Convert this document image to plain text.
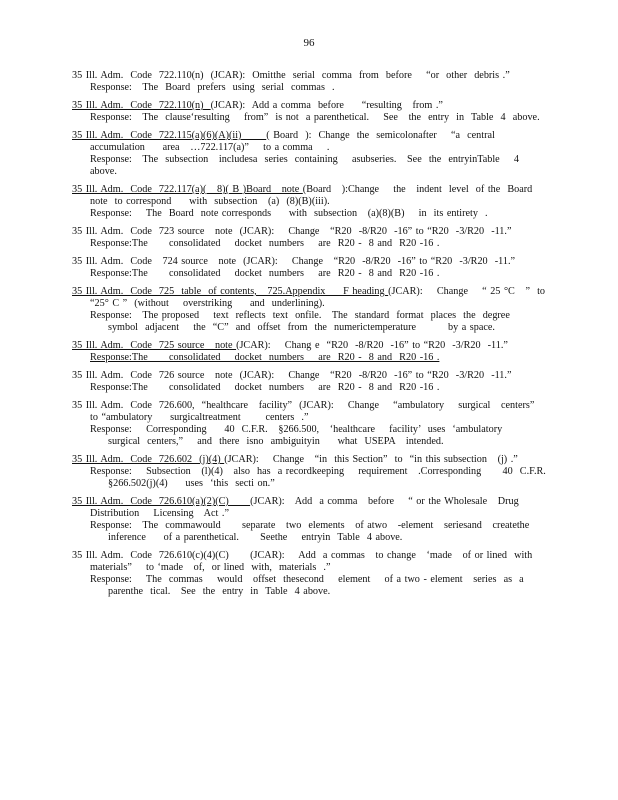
96
35 Ill. Adm.  Code  722.110(n)  (JCAR):  Omitthe  serial  comma  from  before    “or  other  debris .”
Response:   The  Board  prefers  using  serial  commas  .
35 Ill. Adm.  Code  722.110(n)  (JCAR):  Add a comma  before     “resulting   from .”
Response:   The  clause‘resulting    from”  is not  a parenthetical.    See   the  entry  in  Table  4  above.
35 Ill. Adm.  Code  722.115(a)(6)(A)(ii)       ( Board  ):  Change  the  semicolonafter    “a  central
accumulation     area   …722.117(a)”    to a comma    .
Response:   The  subsection   includesa  series  containing    asubseries.   See  the  entryinTable    4
above.
35 Ill. Adm.  Code  722.117(a)(   8)( B )Board   note (Board   ):Change    the   indent  level  of the  Board
note  to correspond     with  subsection   (a)  (8)(B)(iii).
Response:    The  Board  note corresponds     with  subsection   (a)(8)(B)    in  its entirety  .
35 Ill. Adm.  Code  723 source   note  (JCAR):    Change   “R20  -8/R20  -16” to “R20  -3/R20  -11.”
Response:The      consolidated    docket  numbers    are  R20 -  8 and  R20 -16 .
35 Ill. Adm.  Code   724 source   note  (JCAR):    Change   “R20  -8/R20  -16” to “R20  -3/R20  -11.”
Response:The      consolidated    docket  numbers    are  R20 -  8 and  R20 -16 .
35 Ill. Adm.  Code  725  table  of contents,   725.Appendix     F heading (JCAR):    Change    “ 25 °C   ”  to
“25° C ”  (without    overstriking     and  underlining).
Response:   The proposed    text  reflects  text  onfile.   The  standard  format  places  the  degree
symbol  adjacent    the  “C”  and  offset  from  the  numerictemperature         by a space.
35 Ill. Adm.  Code  725 source   note (JCAR):    Chang e  “R20  -8/R20  -16” to “R20  -3/R20  -11.”
Response:The      consolidated    docket  numbers    are  R20 -  8 and  R20 -16 .
35 Ill. Adm.  Code  726 source   note  (JCAR):    Change   “R20  -8/R20  -16” to “R20  -3/R20  -11.”
Response:The      consolidated    docket  numbers    are  R20 -  8 and  R20 -16 .
35 Ill. Adm.  Code  726.600,  “healthcare   facility”  (JCAR):    Change    “ambulatory    surgical   centers”
to “ambulatory     surgicaltreatment       centers  .”
Response:    Corresponding     40  C.F.R.   §266.500,   ‘healthcare    facility’  uses  ‘ambulatory
surgical  centers,”    and  there  isno  ambiguityin     what  USEPA   intended.
35 Ill. Adm.  Code  726.602  (j)(4) (JCAR):    Change   “in  this Section”  to  “in this subsection   (j) .”
Response:    Subsection   (l)(4)   also  has  a recordkeeping    requirement   .Corresponding      40  C.F.R.
§266.502(j)(4)     uses  ‘this  secti on.”
35 Ill. Adm.  Code  726.610(a)(2)(C)      (JCAR):   Add  a comma   before    “ or the Wholesale   Drug
Distribution    Licensing   Act .”
Response:   The  commawould      separate   two  elements   of atwo   -element   seriesand   createthe
inference     of a parenthetical.      Seethe    entryin  Table  4 above.
35 Ill. Adm.  Code  726.610(c)(4)(C)      (JCAR):    Add  a commas   to change   ‘made   of or lined  with
materials”    to ‘made   of,  or lined  with,  materials  .”
Response:    The  commas    would   offset  thesecond    element    of a two - element   series  as  a
parenthe  tical.   See  the  entry  in  Table  4 above.
